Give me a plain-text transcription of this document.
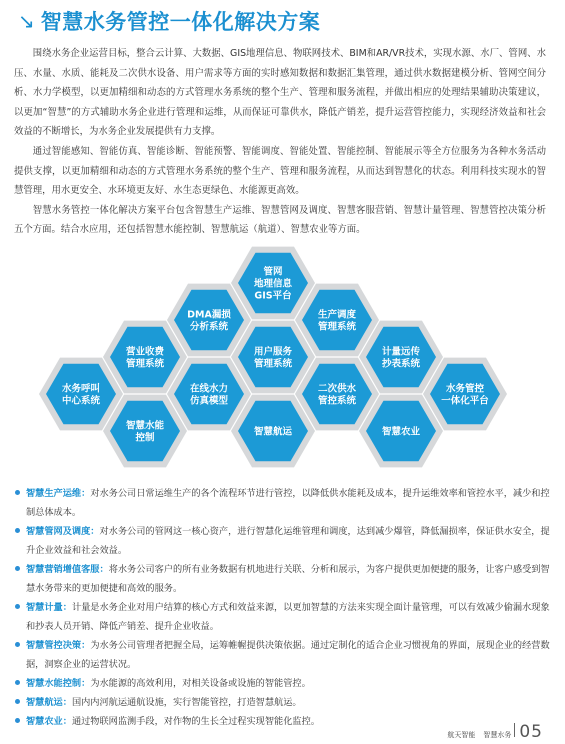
↘ 智慧水务管控一体化解决方案

围绕水务企业运营目标，整合云计算、大数据、GIS地理信息、物联网技术、BIM和AR/VR技术，实现水源、水厂、管网、水压、水量、水质、能耗及二次供水设备、用户需求等方面的实时感知数据和数据汇集管理，通过供水数据建模分析、管网空间分析、水力学模型，以更加精细和动态的方式管理水务系统的整个生产、管理和服务流程，并做出相应的处理结果辅助决策建议，以更加“智慧”的方式辅助水务企业进行管理和运维，从而保证可靠供水，降低产销差，提升运营管控能力，实现经济效益和社会效益的不断增长，为水务企业发展提供有力支撑。

通过智能感知、智能仿真、智能诊断、智能预警、智能调度、智能处置、智能控制、智能展示等全方位服务为各种水务活动提供支撑，以更加精细和动态的方式管理水务系统的整个生产、管理和服务流程，从而达到智慧化的状态。利用科技实现水的智慧管理，用水更安全、水环境更友好、水生态更绿色、水能源更高效。

智慧水务管控一体化解决方案平台包含智慧生产运维、智慧管网及调度、智慧客服营销、智慧计量管理、智慧管控决策分析五个方面。结合水应用，还包括智慧水能控制、智慧航运（航道）、智慧农业等方面。

管网
地理信息
GIS平台
DMA漏损
分析系统
生产调度
管理系统
营业收费
管理系统
用户服务
管理系统
计量远传
抄表系统
水务呼叫
中心系统
在线水力
仿真模型
二次供水
管控系统
水务管控
一体化平台
智慧水能
控制
智慧航运	智慧农业
智慧生产运维：对水务公司日常运维生产的各个流程环节进行管控，以降低供水能耗及成本，提升运维效率和管控水平，减少和控制总体成本。
智慧管网及调度：对水务公司的管网这一核心资产，进行智慧化运维管理和调度，达到减少爆管，降低漏损率，保证供水安全，提升企业效益和社会效益。
智慧营销增值客服：将水务公司客户的所有业务数据有机地进行关联、分析和展示，为客户提供更加便捷的服务，让客户感受到智慧水务带来的更加便捷和高效的服务。
智慧计量：计量是水务企业对用户结算的核心方式和效益来源，以更加智慧的方法来实现全面计量管理，可以有效减少偷漏水现象和抄表人员开销、降低产销差、提升企业收益。
智慧管控决策：为水务公司管理者把握全局，运筹帷幄提供决策依据。通过定制化的适合企业习惯视角的界面，展现企业的经营数据，洞察企业的运营状况。
智慧水能控制：为水能源的高效利用，对相关设备或设施的智能管控。
智慧航运：国内内河航运通航设施，实行智能管控，打造智慧航运。
智慧农业：通过物联网监测手段，对作物的生长全过程实现智能化监控。
航天智能 智慧水务 05
